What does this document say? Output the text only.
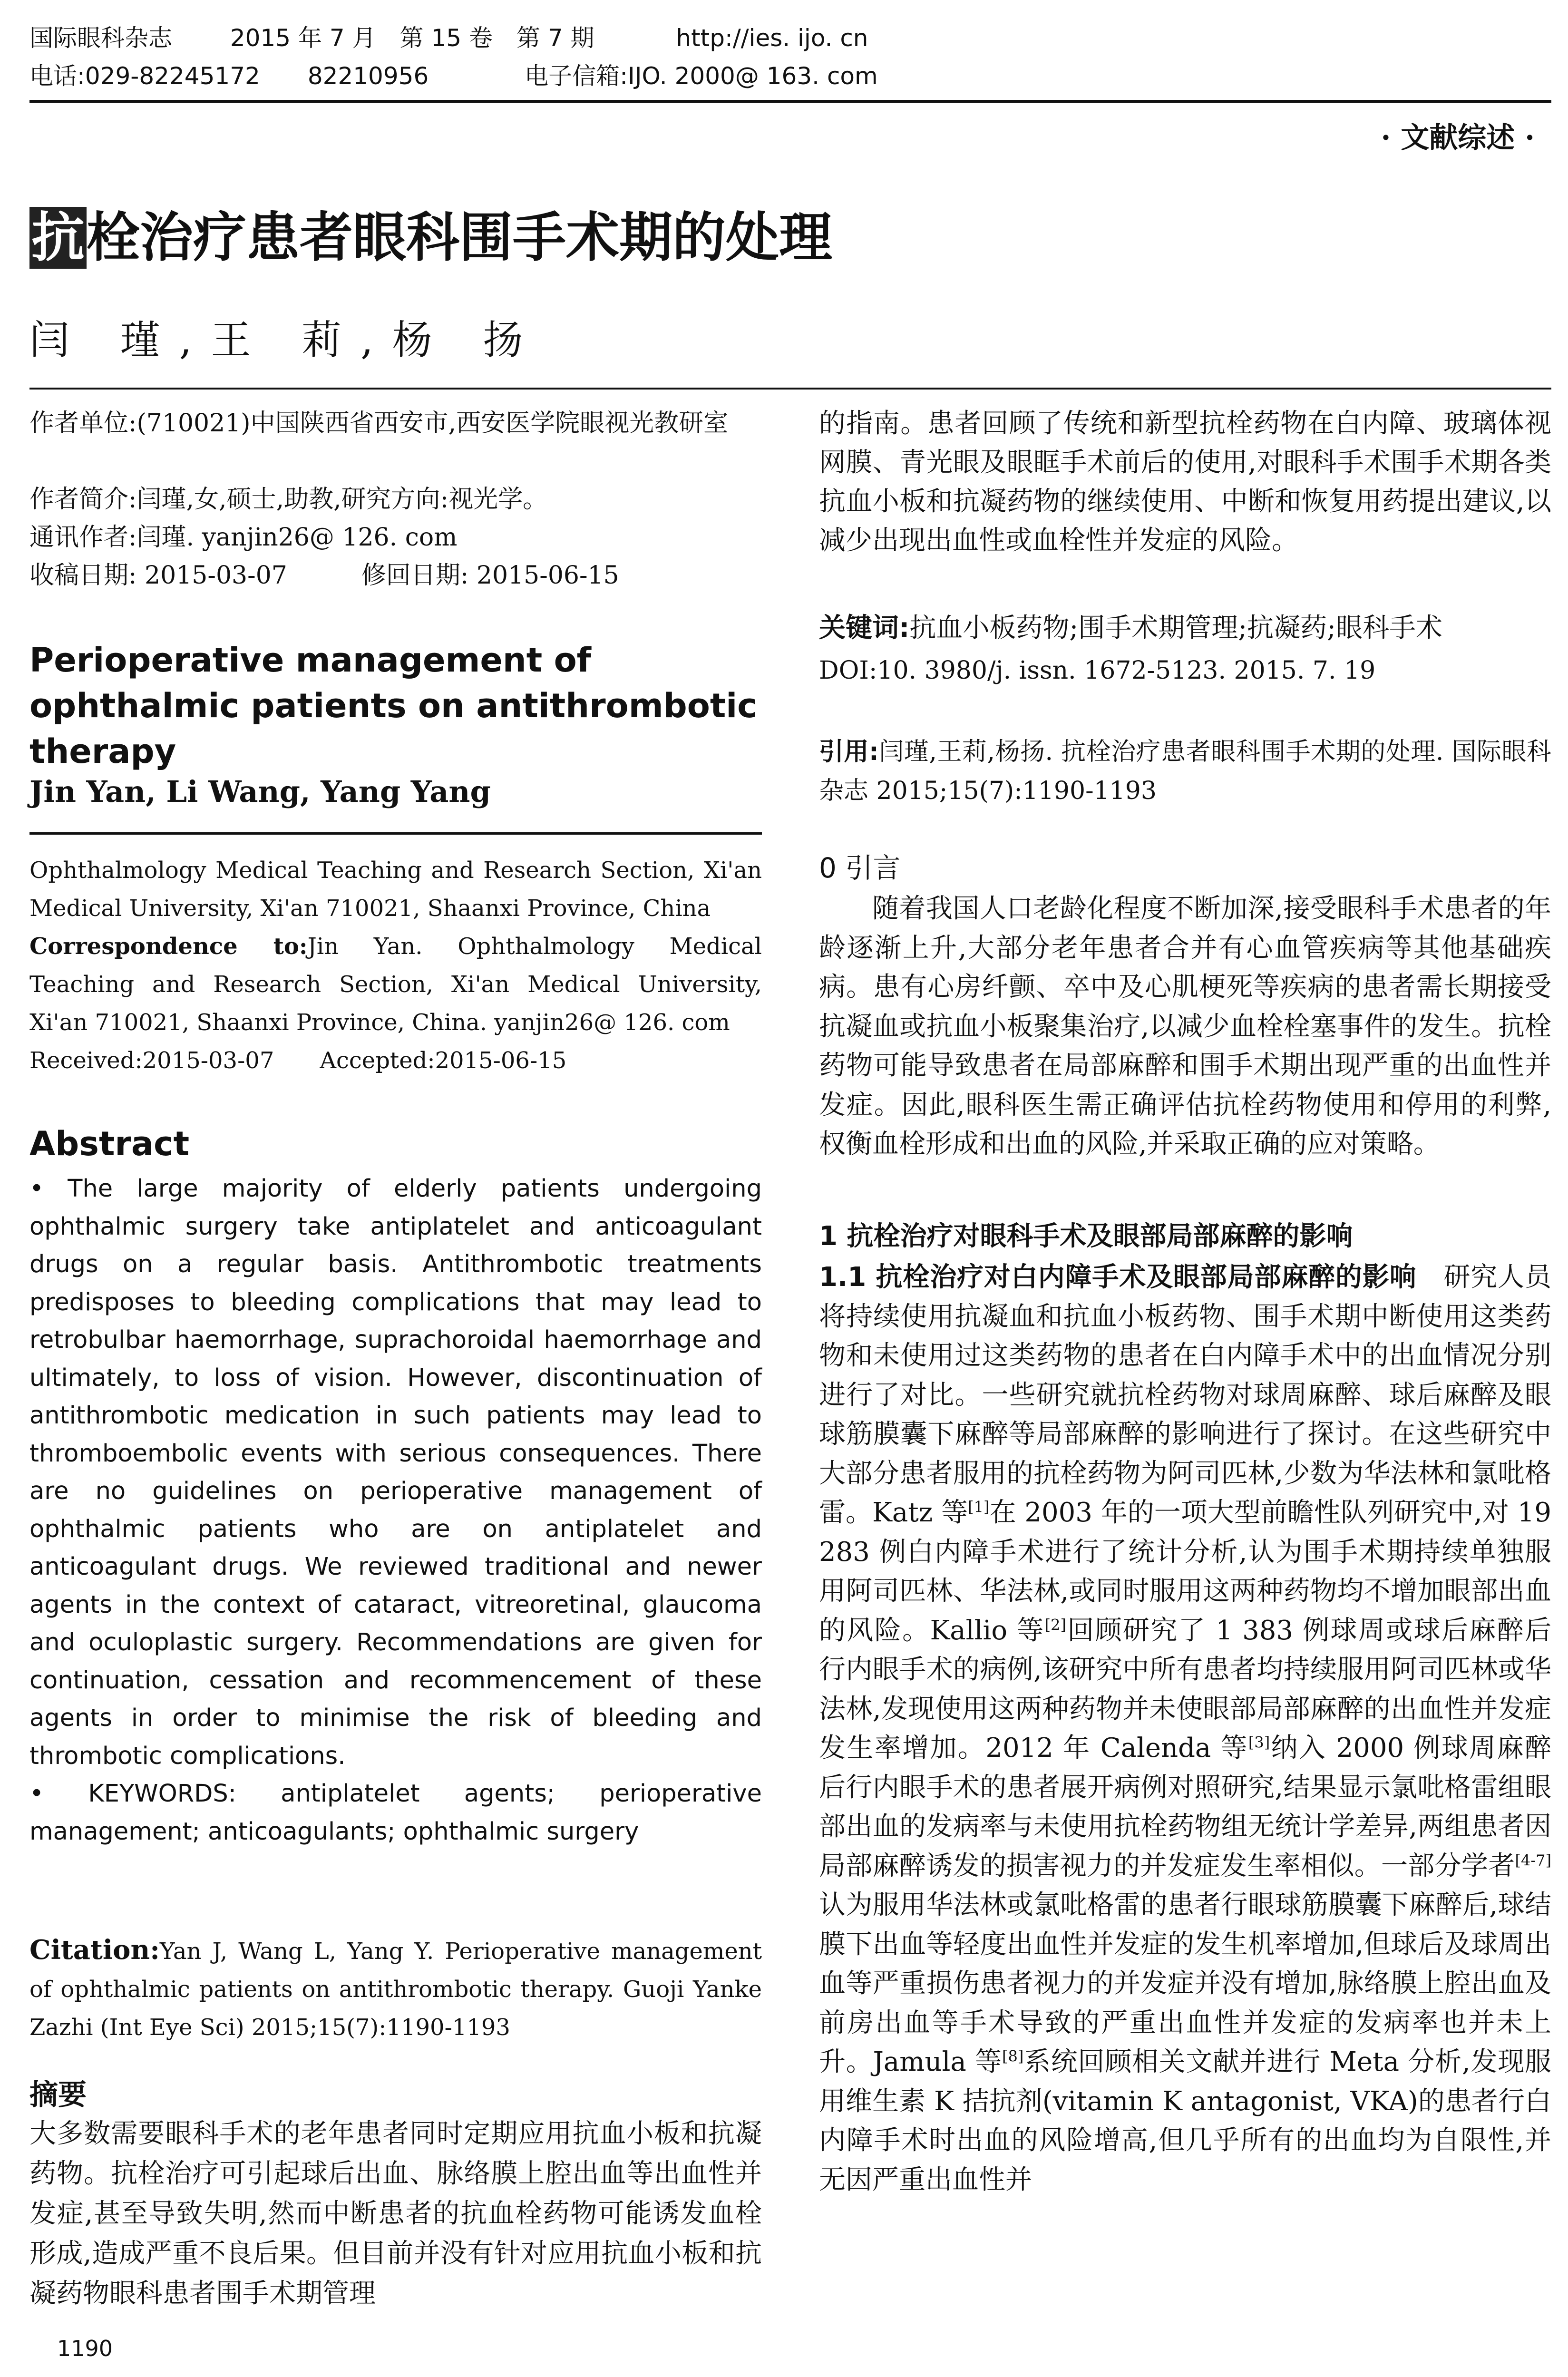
国际眼科杂志 2015 年 7 月　第 15 卷　第 7 期	http://ies. ijo. cn
电话:029-82245172　　82210956	电子信箱:IJO. 2000@ 163. com
· 文献综述 ·
抗栓治疗患者眼科围手术期的处理
闫 瑾,王 莉,杨 扬
作者单位:(710021)中国陕西省西安市,西安医学院眼视光教研室
作者简介:闫瑾,女,硕士,助教,研究方向:视光学。
通讯作者:闫瑾. yanjin26@ 126. com
收稿日期: 2015-03-07　　　修回日期: 2015-06-15
Perioperative management of ophthalmic patients on antithrombotic therapy
Jin Yan, Li Wang, Yang Yang
Ophthalmology Medical Teaching and Research Section, Xi'an Medical University, Xi'an 710021, Shaanxi Province, China
Correspondence to:Jin Yan. Ophthalmology Medical Teaching and Research Section, Xi'an Medical University, Xi'an 710021, Shaanxi Province, China. yanjin26@ 126. com
Received:2015-03-07　　Accepted:2015-06-15
Abstract
• The large majority of elderly patients undergoing ophthalmic surgery take antiplatelet and anticoagulant drugs on a regular basis. Antithrombotic treatments predisposes to bleeding complications that may lead to retrobulbar haemorrhage, suprachoroidal haemorrhage and ultimately, to loss of vision. However, discontinuation of antithrombotic medication in such patients may lead to thromboembolic events with serious consequences. There are no guidelines on perioperative management of ophthalmic patients who are on antiplatelet and anticoagulant drugs. We reviewed traditional and newer agents in the context of cataract, vitreoretinal, glaucoma and oculoplastic surgery. Recommendations are given for continuation, cessation and recommencement of these agents in order to minimise the risk of bleeding and thrombotic complications.
• KEYWORDS: antiplatelet agents; perioperative management; anticoagulants; ophthalmic surgery
Citation:Yan J, Wang L, Yang Y. Perioperative management of ophthalmic patients on antithrombotic therapy. Guoji Yanke Zazhi (Int Eye Sci) 2015;15(7):1190-1193
摘要
大多数需要眼科手术的老年患者同时定期应用抗血小板和抗凝药物。抗栓治疗可引起球后出血、脉络膜上腔出血等出血性并发症,甚至导致失明,然而中断患者的抗血栓药物可能诱发血栓形成,造成严重不良后果。但目前并没有针对应用抗血小板和抗凝药物眼科患者围手术期管理
1190
的指南。患者回顾了传统和新型抗栓药物在白内障、玻璃体视网膜、青光眼及眼眶手术前后的使用,对眼科手术围手术期各类抗血小板和抗凝药物的继续使用、中断和恢复用药提出建议,以减少出现出血性或血栓性并发症的风险。
关键词:抗血小板药物;围手术期管理;抗凝药;眼科手术
DOI:10. 3980/j. issn. 1672-5123. 2015. 7. 19
引用:闫瑾,王莉,杨扬. 抗栓治疗患者眼科围手术期的处理. 国际眼科杂志 2015;15(7):1190-1193
0 引言
随着我国人口老龄化程度不断加深,接受眼科手术患者的年龄逐渐上升,大部分老年患者合并有心血管疾病等其他基础疾病。患有心房纤颤、卒中及心肌梗死等疾病的患者需长期接受抗凝血或抗血小板聚集治疗,以减少血栓栓塞事件的发生。抗栓药物可能导致患者在局部麻醉和围手术期出现严重的出血性并发症。因此,眼科医生需正确评估抗栓药物使用和停用的利弊,权衡血栓形成和出血的风险,并采取正确的应对策略。
1 抗栓治疗对眼科手术及眼部局部麻醉的影响
1.1 抗栓治疗对白内障手术及眼部局部麻醉的影响　研究人员将持续使用抗凝血和抗血小板药物、围手术期中断使用这类药物和未使用过这类药物的患者在白内障手术中的出血情况分别进行了对比。一些研究就抗栓药物对球周麻醉、球后麻醉及眼球筋膜囊下麻醉等局部麻醉的影响进行了探讨。在这些研究中大部分患者服用的抗栓药物为阿司匹林,少数为华法林和氯吡格雷。Katz 等[1]在 2003 年的一项大型前瞻性队列研究中,对 19 283 例白内障手术进行了统计分析,认为围手术期持续单独服用阿司匹林、华法林,或同时服用这两种药物均不增加眼部出血的风险。Kallio 等[2]回顾研究了 1 383 例球周或球后麻醉后行内眼手术的病例,该研究中所有患者均持续服用阿司匹林或华法林,发现使用这两种药物并未使眼部局部麻醉的出血性并发症发生率增加。2012 年 Calenda 等[3]纳入 2000 例球周麻醉后行内眼手术的患者展开病例对照研究,结果显示氯吡格雷组眼部出血的发病率与未使用抗栓药物组无统计学差异,两组患者因局部麻醉诱发的损害视力的并发症发生率相似。一部分学者[4-7]认为服用华法林或氯吡格雷的患者行眼球筋膜囊下麻醉后,球结膜下出血等轻度出血性并发症的发生机率增加,但球后及球周出血等严重损伤患者视力的并发症并没有增加,脉络膜上腔出血及前房出血等手术导致的严重出血性并发症的发病率也并未上升。Jamula 等[8]系统回顾相关文献并进行 Meta 分析,发现服用维生素 K 拮抗剂(vitamin K antagonist, VKA)的患者行白内障手术时出血的风险增高,但几乎所有的出血均为自限性,并无因严重出血性并
